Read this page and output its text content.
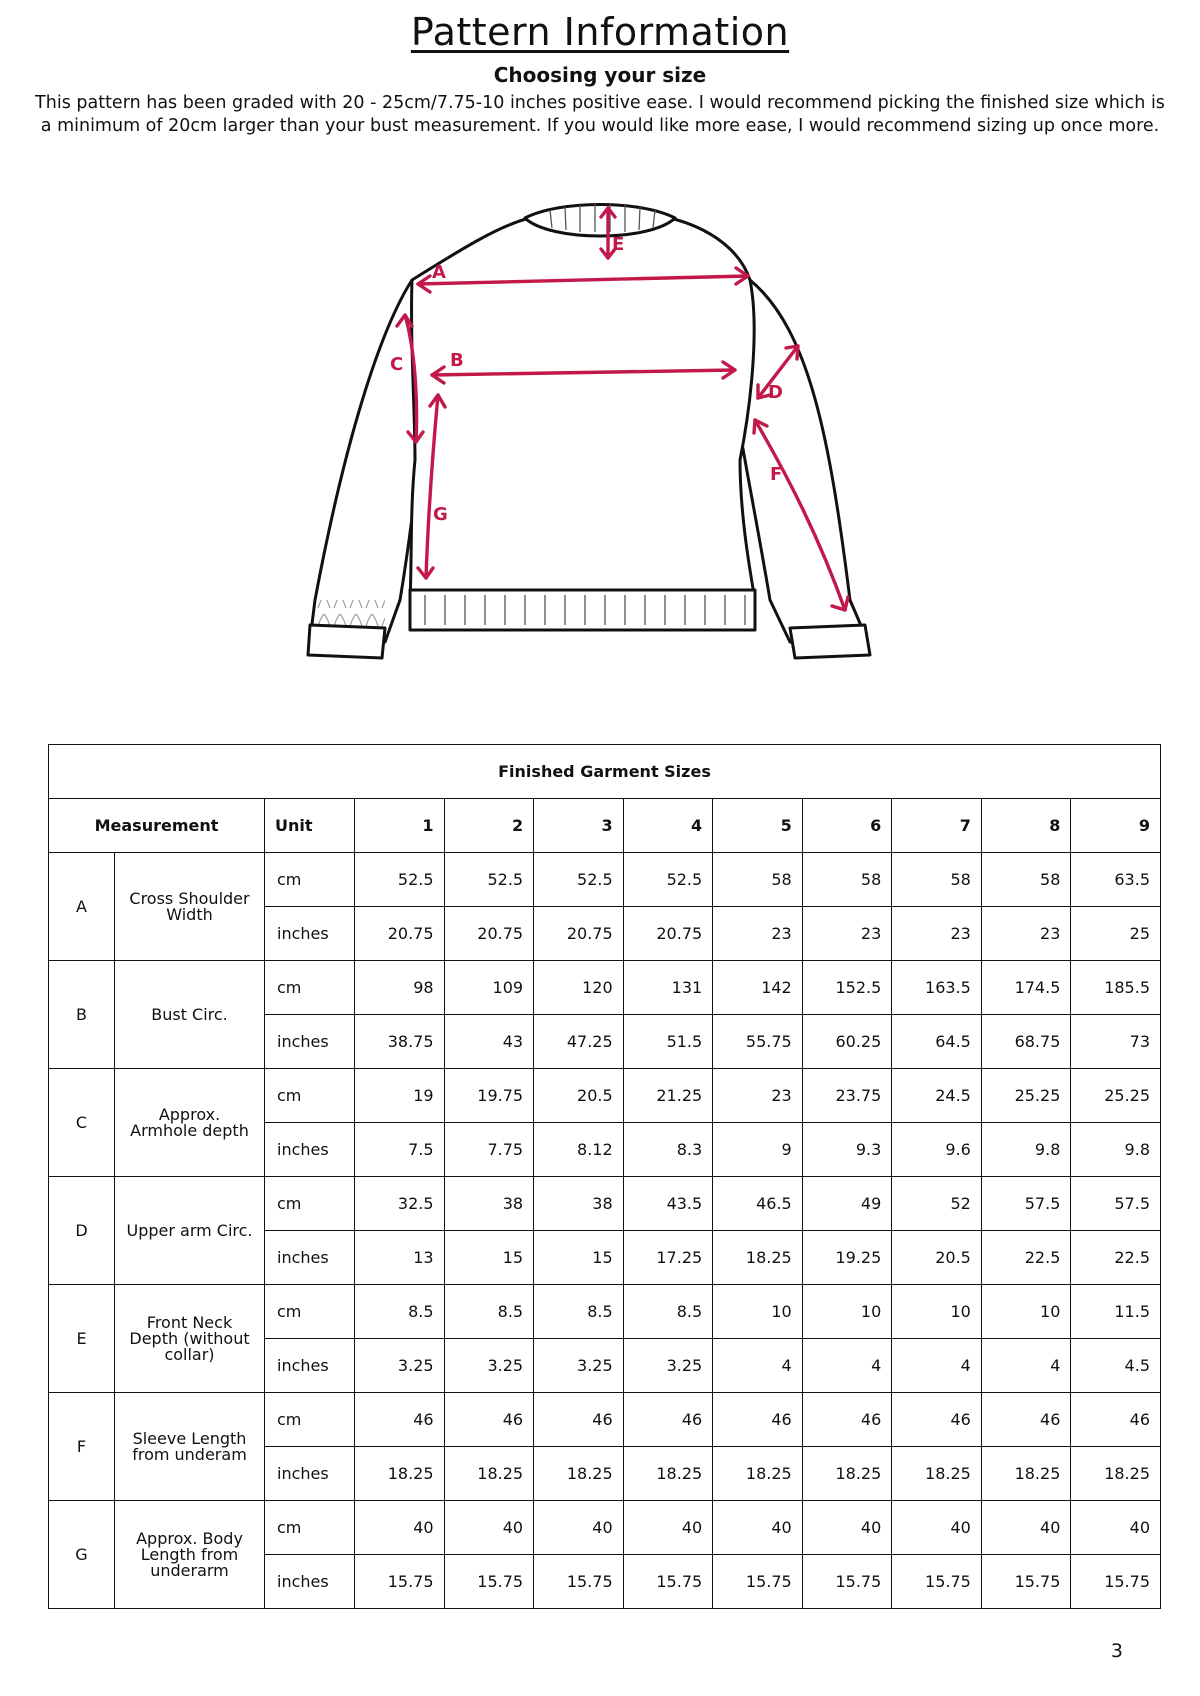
Pattern Information
Choosing your size
This pattern has been graded with 20 - 25cm/7.75-10 inches positive ease. I would recommend picking the finished size which is a minimum of 20cm larger than your bust measurement. If you would like more ease, I would recommend sizing up once more.
A
B
C
D
E
F
G
Finished Garment Sizes											
Measurement		Unit	1	2	3	4	5	6	7	8	9
A	Cross Shoulder Width	cm	52.5	52.5	52.5	52.5	58	58	58	58	63.5
		inches	20.75	20.75	20.75	20.75	23	23	23	23	25
B	Bust Circ.	cm	98	109	120	131	142	152.5	163.5	174.5	185.5
		inches	38.75	43	47.25	51.5	55.75	60.25	64.5	68.75	73
C	Approx. Armhole depth	cm	19	19.75	20.5	21.25	23	23.75	24.5	25.25	25.25
		inches	7.5	7.75	8.12	8.3	9	9.3	9.6	9.8	9.8
D	Upper arm Circ.	cm	32.5	38	38	43.5	46.5	49	52	57.5	57.5
		inches	13	15	15	17.25	18.25	19.25	20.5	22.5	22.5
E	Front Neck Depth (without collar)	cm	8.5	8.5	8.5	8.5	10	10	10	10	11.5
		inches	3.25	3.25	3.25	3.25	4	4	4	4	4.5
F	Sleeve Length from underam	cm	46	46	46	46	46	46	46	46	46
		inches	18.25	18.25	18.25	18.25	18.25	18.25	18.25	18.25	18.25
G	Approx. Body Length from underarm	cm	40	40	40	40	40	40	40	40	40
		inches	15.75	15.75	15.75	15.75	15.75	15.75	15.75	15.75	15.75
3
